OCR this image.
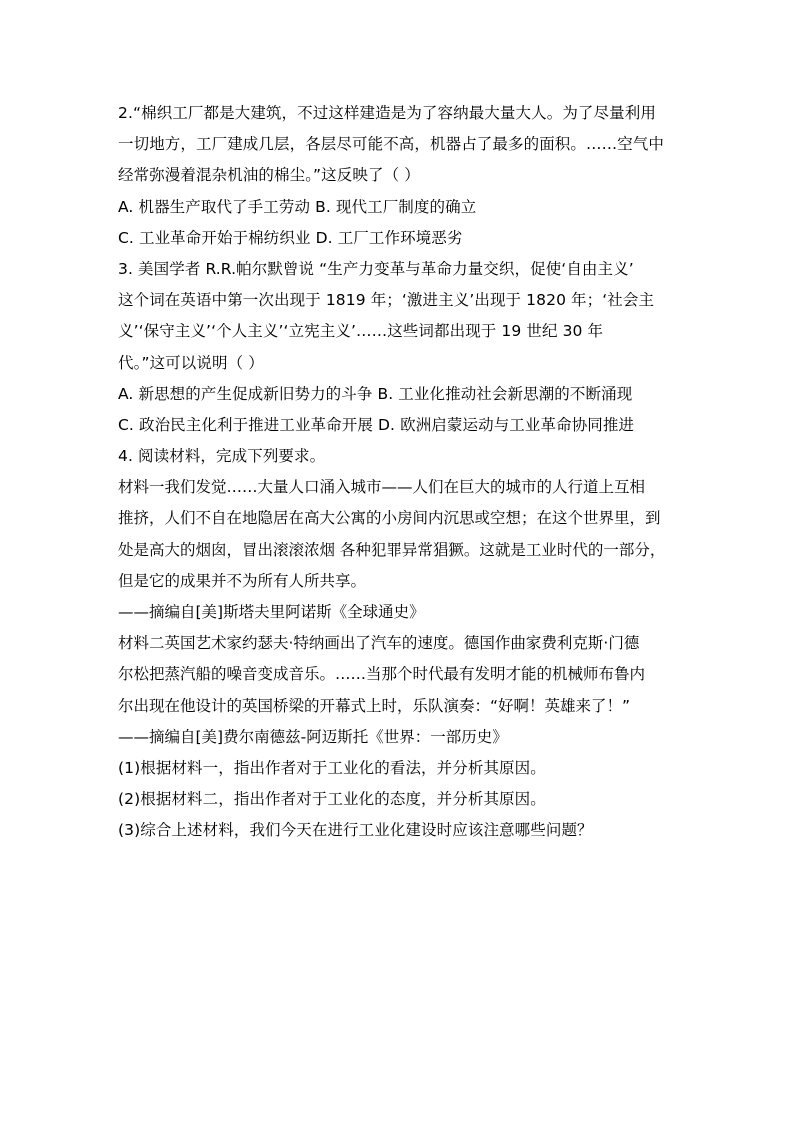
2.“棉织工厂都是大建筑，不过这样建造是为了容纳最大量大人。为了尽量利用
一切地方，工厂建成几层，各层尽可能不高，机器占了最多的面积。……空气中
经常弥漫着混杂机油的棉尘。”这反映了（ ）
A. 机器生产取代了手工劳动 B. 现代工厂制度的确立
C. 工业革命开始于棉纺织业 D. 工厂工作环境恶劣
3. 美国学者 R.R.帕尔默曾说 “生产力变革与革命力量交织，促使‘自由主义’
这个词在英语中第一次出现于 1819 年；‘激进主义’出现于 1820 年；‘社会主
义’‘保守主义’‘个人主义’‘立宪主义’……这些词都出现于 19 世纪 30 年
代。”这可以说明（ ）
A. 新思想的产生促成新旧势力的斗争 B. 工业化推动社会新思潮的不断涌现
C. 政治民主化利于推进工业革命开展 D. 欧洲启蒙运动与工业革命协同推进
4. 阅读材料，完成下列要求。
材料一我们发觉……大量人口涌入城市——人们在巨大的城市的人行道上互相
推挤，人们不自在地隐居在高大公寓的小房间内沉思或空想；在这个世界里，到
处是高大的烟囱，冒出滚滚浓烟 各种犯罪异常猖獗。这就是工业时代的一部分，
但是它的成果并不为所有人所共享。
——摘编自[美]斯塔夫里阿诺斯《全球通史》
材料二英国艺术家约瑟夫·特纳画出了汽车的速度。德国作曲家费利克斯·门德
尔松把蒸汽船的噪音变成音乐。……当那个时代最有发明才能的机械师布鲁内
尔出现在他设计的英国桥梁的开幕式上时，乐队演奏：“好啊！英雄来了！”
——摘编自[美]费尔南德兹-阿迈斯托《世界：一部历史》
(1)根据材料一，指出作者对于工业化的看法，并分析其原因。
(2)根据材料二，指出作者对于工业化的态度，并分析其原因。
(3)综合上述材料，我们今天在进行工业化建设时应该注意哪些问题？
